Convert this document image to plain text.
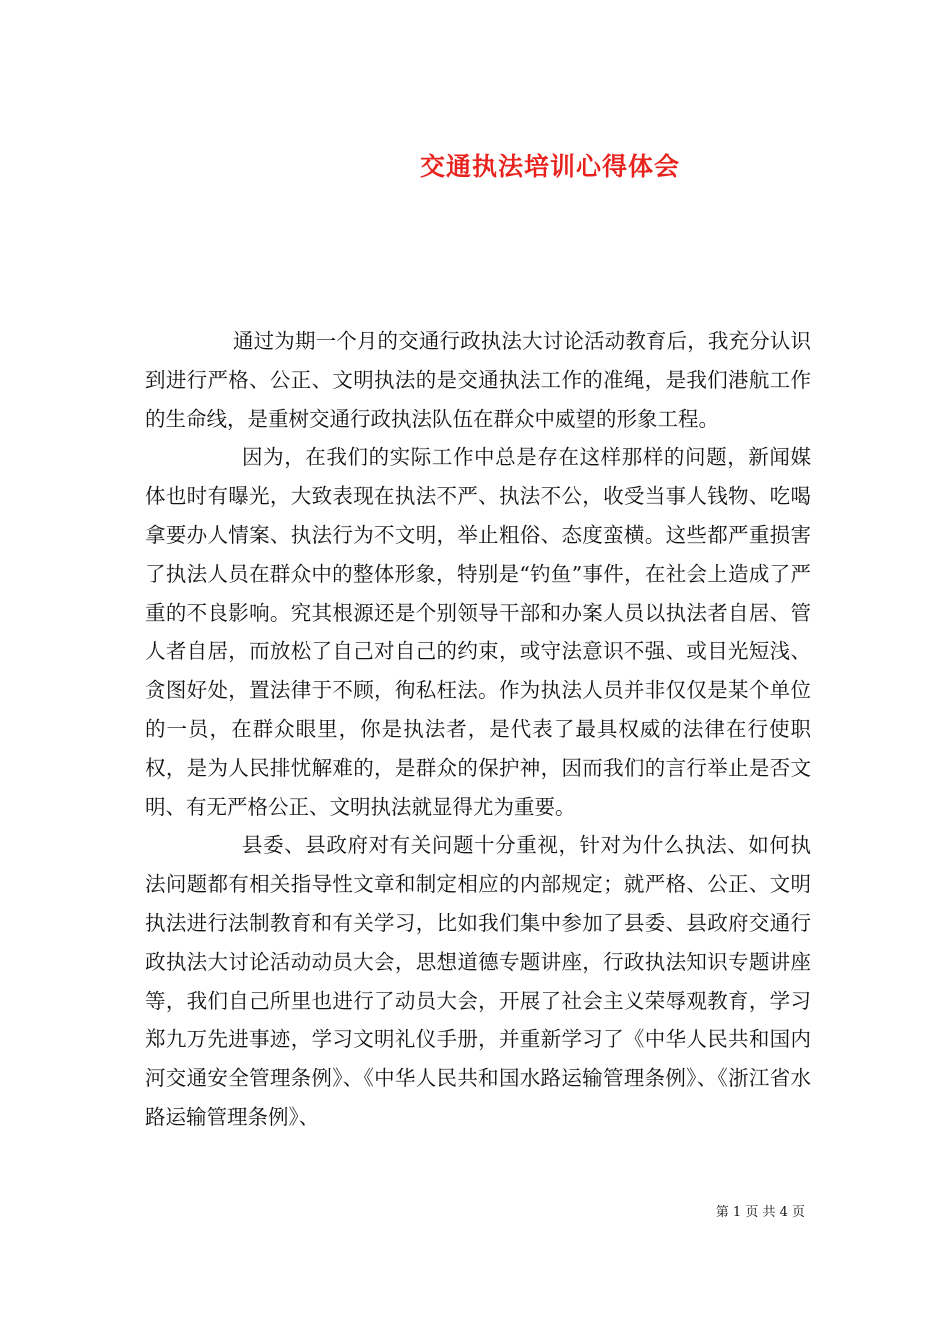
交通执法培训心得体会

通过为期一个月的交通行政执法大讨论活动教育后，我充分认识到进行严格、公正、文明执法的是交通执法工作的准绳，是我们港航工作的生命线，是重树交通行政执法队伍在群众中威望的形象工程。

因为，在我们的实际工作中总是存在这样那样的问题，新闻媒体也时有曝光，大致表现在执法不严、执法不公，收受当事人钱物、吃喝拿要办人情案、执法行为不文明，举止粗俗、态度蛮横。这些都严重损害了执法人员在群众中的整体形象，特别是“钓鱼”事件，在社会上造成了严重的不良影响。究其根源还是个别领导干部和办案人员以执法者自居、管人者自居，而放松了自己对自己的约束，或守法意识不强、或目光短浅、贪图好处，置法律于不顾，徇私枉法。作为执法人员并非仅仅是某个单位的一员，在群众眼里，你是执法者，是代表了最具权威的法律在行使职权，是为人民排忧解难的，是群众的保护神，因而我们的言行举止是否文明、有无严格公正、文明执法就显得尤为重要。

县委、县政府对有关问题十分重视，针对为什么执法、如何执法问题都有相关指导性文章和制定相应的内部规定；就严格、公正、文明执法进行法制教育和有关学习，比如我们集中参加了县委、县政府交通行政执法大讨论活动动员大会，思想道德专题讲座，行政执法知识专题讲座等，我们自己所里也进行了动员大会，开展了社会主义荣辱观教育，学习郑九万先进事迹，学习文明礼仪手册，并重新学习了《中华人民共和国内河交通安全管理条例》、《中华人民共和国水路运输管理条例》、《浙江省水路运输管理条例》、

第 1 页 共 4 页
